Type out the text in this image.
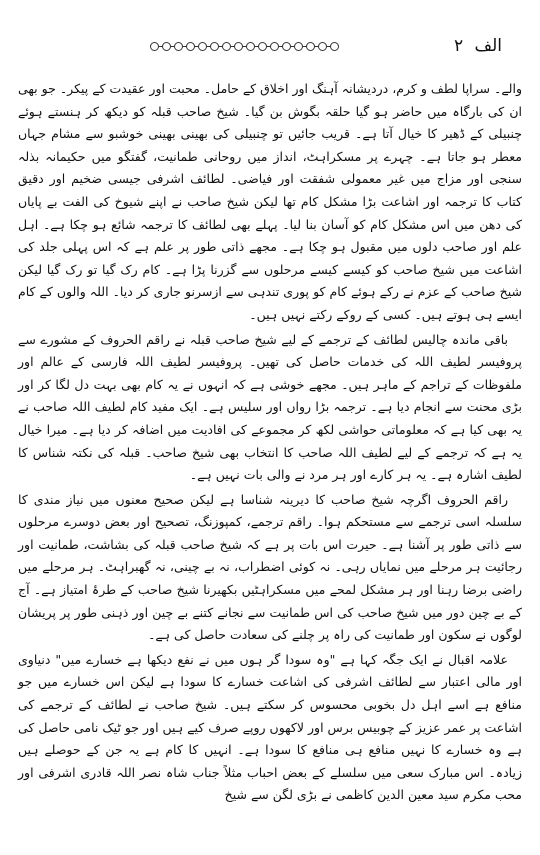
الف ۲

والے۔ سراپا لطف و کرم، دردیشانہ آہنگ اور اخلاق کے حامل۔ محبت اور عقیدت کے پیکر۔ جو بھی ان کی بارگاہ میں حاضر ہو گیا حلقہ بگوش بن گیا۔ شیخ صاحب قبلہ کو دیکھ کر ہنستے ہوئے چنبیلی کے ڈھیر کا خیال آتا ہے۔ قریب جائیں تو چنبیلی کی بھینی بھینی خوشبو سے مشام جہاں معطر ہو جاتا ہے۔ چہرے پر مسکراہٹ، انداز میں روحانی طمانیت، گفتگو میں حکیمانہ بذلہ سنجی اور مزاج میں غیر معمولی شفقت اور فیاضی۔ لطائف اشرفی جیسی ضخیم اور دقیق کتاب کا ترجمہ اور اشاعت بڑا مشکل کام تھا لیکن شیخ صاحب نے اپنے شیوخ کی الفت بے پایاں کی دھن میں اس مشکل کام کو آسان بنا لیا۔ پہلے بھی لطائف کا ترجمہ شائع ہو چکا ہے۔ اہل علم اور صاحب دلوں میں مقبول ہو چکا ہے۔ مجھے ذاتی طور پر علم ہے کہ اس پہلی جلد کی اشاعت میں شیخ صاحب کو کیسے کیسے مرحلوں سے گزرنا پڑا ہے۔ کام رک گیا تو رک گیا لیکن شیخ صاحب کے عزم نے رکے ہوئے کام کو پوری تندہی سے ازسرنو جاری کر دیا۔ اللہ والوں کے کام ایسے ہی ہوتے ہیں۔ کسی کے روکے رکتے نہیں ہیں۔

باقی ماندہ چالیس لطائف کے ترجمے کے لیے شیخ صاحب قبلہ نے راقم الحروف کے مشورے سے پروفیسر لطیف اللہ کی خدمات حاصل کی تھیں۔ پروفیسر لطیف اللہ فارسی کے عالم اور ملفوظات کے تراجم کے ماہر ہیں۔ مجھے خوشی ہے کہ انہوں نے یہ کام بھی بہت دل لگا کر اور بڑی محنت سے انجام دیا ہے۔ ترجمہ بڑا رواں اور سلیس ہے۔ ایک مفید کام لطیف اللہ صاحب نے یہ بھی کیا ہے کہ معلوماتی حواشی لکھ کر مجموعے کی افادیت میں اضافہ کر دیا ہے۔ میرا خیال یہ ہے کہ ترجمے کے لیے لطیف اللہ صاحب کا انتخاب بھی شیخ صاحب۔ قبلہ کی نکتہ شناس کا لطیف اشارہ ہے۔ یہ ہر کارے اور ہر مرد نے والی بات نہیں ہے۔

راقم الحروف اگرچہ شیخ صاحب کا دیرینہ شناسا ہے لیکن صحیح معنوں میں نیاز مندی کا سلسلہ اسی ترجمے سے مستحکم ہوا۔ راقم ترجمے، کمپوزنگ، تصحیح اور بعض دوسرے مرحلوں سے ذاتی طور پر آشنا ہے۔ حیرت اس بات پر ہے کہ شیخ صاحب قبلہ کی بشاشت، طمانیت اور رجائیت ہر مرحلے میں نمایاں رہی۔ نہ کوئی اضطراب، نہ بے چینی، نہ گھبراہٹ۔ ہر مرحلے میں راضی برضا رہنا اور ہر مشکل لمحے میں مسکراہٹیں بکھیرنا شیخ صاحب کے طرۂ امتیاز ہے۔ آج کے بے چین دور میں شیخ صاحب کی اس طمانیت سے نجانے کتنے بے چین اور ذہنی طور پر پریشان لوگوں نے سکون اور طمانیت کی راہ پر چلنے کی سعادت حاصل کی ہے۔

علامہ اقبال نے ایک جگہ کہا ہے "وہ سودا گر ہوں میں نے نفع دیکھا ہے خسارے میں" دنیاوی اور مالی اعتبار سے لطائف اشرفی کی اشاعت خسارے کا سودا ہے لیکن اس خسارے میں جو منافع ہے اسے اہل دل بخوبی محسوس کر سکتے ہیں۔ شیخ صاحب نے لطائف کے ترجمے کی اشاعت پر عمر عزیز کے چوبیس برس اور لاکھوں روپے صرف کیے ہیں اور جو ٹیک نامی حاصل کی ہے وہ خسارے کا نہیں منافع ہی منافع کا سودا ہے۔ انہیں کا کام ہے یہ جن کے حوصلے ہیں زیادہ۔ اس مبارک سعی میں سلسلے کے بعض احباب مثلاً جناب شاہ نصر اللہ قادری اشرفی اور محب مکرم سید معین الدین کاظمی نے بڑی لگن سے شیخ
